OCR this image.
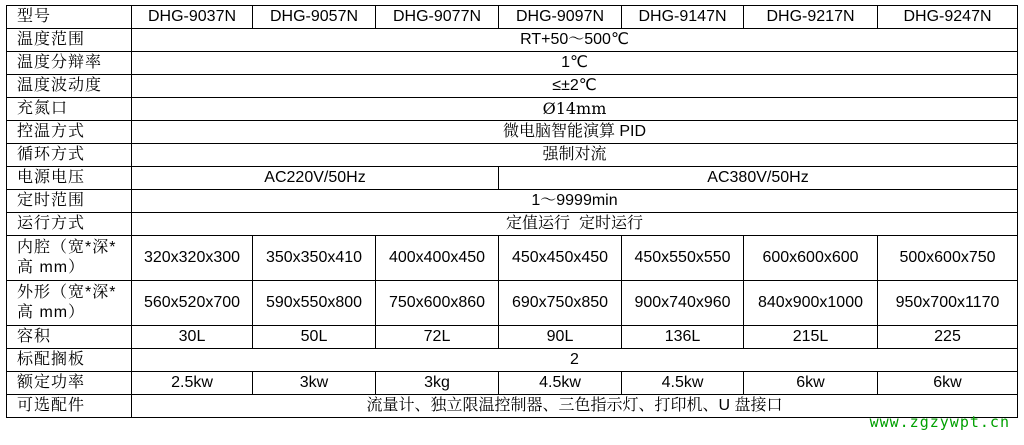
型号	DHG-9037N	DHG-9057N	DHG-9077N	DHG-9097N	DHG-9147N	DHG-9217N	DHG-9247N
温度范围	RT+50～500℃						
温度分辩率	1℃						
温度波动度	≤±2℃						
充氮口	Ø14mm						
控温方式	微电脑智能演算 PID						
循环方式	强制对流						
电源电压	AC220V/50Hz			AC380V/50Hz			
定时范围	1～9999min						
运行方式	定值运行  定时运行						
内腔（宽*深*高 mm）	320x320x300	350x350x410	400x400x450	450x450x450	450x550x550	600x600x600	500x600x750
外形（宽*深*高 mm）	560x520x700	590x550x800	750x600x860	690x750x850	900x740x960	840x900x1000	950x700x1170
容积	30L	50L	72L	90L	136L	215L	225
标配搁板	2						
额定功率	2.5kw	3kw	3kg	4.5kw	4.5kw	6kw	6kw
可选配件	流量计、独立限温控制器、三色指示灯、打印机、U 盘接口						
www.zgzywpt.cn
